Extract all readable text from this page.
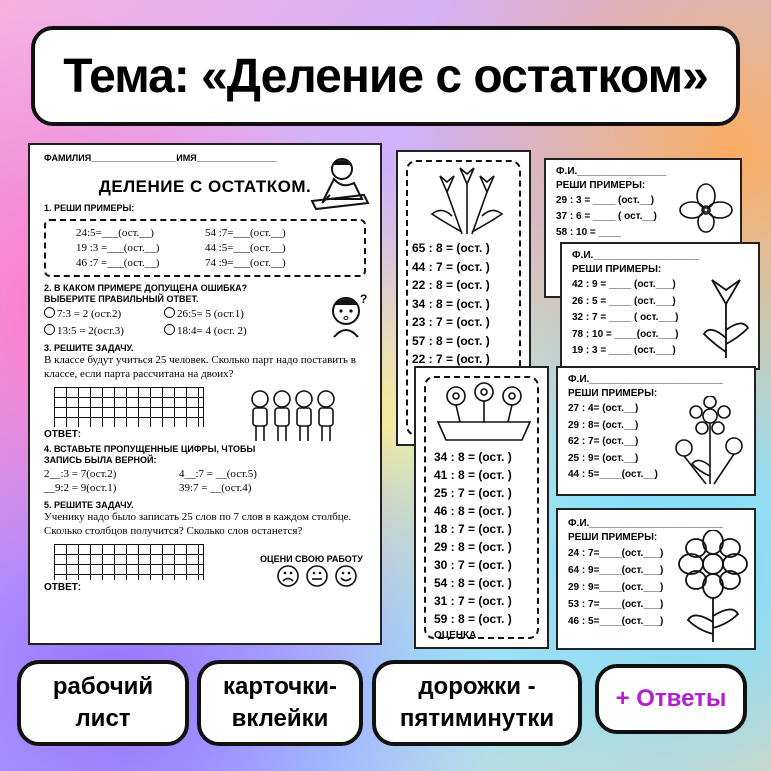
Тема: «Деление с остатком»
ФАМИЛИЯ_________________ИМЯ________________
ДЕЛЕНИЕ С ОСТАТКОМ.
1. РЕШИ ПРИМЕРЫ:
24:5=___(ост.__)	54 :7=___(ост.__)
19 :3 =___(ост.__)	44 :5=___(ост.__)
46 :7 =___(ост.__)	74 :9=___(ост.__)
2. В КАКОМ ПРИМЕРЕ ДОПУЩЕНА ОШИБКА?
ВЫБЕРИТЕ ПРАВИЛЬНЫЙ ОТВЕТ.
7:3 = 2 (ост.2)	26:5= 5 (ост.1)
13:5 = 2(ост.3)	18:4= 4 (ост. 2)
?
3. РЕШИТЕ ЗАДАЧУ.
В классе будут учиться 25 человек. Сколько парт надо поставить в классе, если парта рассчитана на двоих?
ОТВЕТ:
4. ВСТАВЬТЕ ПРОПУЩЕННЫЕ ЦИФРЫ, ЧТОБЫ
ЗАПИСЬ БЫЛА ВЕРНОЙ:
2__:3 = 7(ост.2)	4__:7 = __(ост.5)
__9:2 = 9(ост.1)	39:7 = __(ост.4)
5. РЕШИТЕ ЗАДАЧУ.
Ученику надо было записать 25 слов по 7 слов в каждом столбце. Сколько столбцов получится? Сколько слов останется?
ОЦЕНИ СВОЮ РАБОТУ
ОТВЕТ:
65 : 8 = (ост. )
44 : 7 = (ост. )
22 : 8 = (ост. )
34 : 8 = (ост. )
23 : 7 = (ост. )
57 : 8 = (ост. )
22 : 7 = (ост. )
34 : 8 = (ост. )
41 : 8 = (ост. )
25 : 7 = (ост. )
46 : 8 = (ост. )
18 : 7 = (ост. )
29 : 8 = (ост. )
30 : 7 = (ост. )
54 : 8 = (ост. )
31 : 7 = (ост. )
59 : 8 = (ост. )
ОЦЕНКА
Ф.И.________________
РЕШИ ПРИМЕРЫ:
29 : 3 = ____ (ост.__)
37 : 6 = ____ ( ост.__)
58 : 10 = ____
Ф.И.___________________
РЕШИ ПРИМЕРЫ:
42 : 9 = ____ (ост.___)
26 : 5 = ____ (ост.___)
32 : 7 = ____ ( ост.___)
78 : 10 = ____(ост.___)
19 : 3 = ____ (ост.___)
Ф.И.________________________
РЕШИ ПРИМЕРЫ:
27 : 4= (ост.__)
29 : 8= (ост.__)
62 : 7= (ост.__)
25 : 9= (ост.__)
44 : 5=____(ост.__)
Ф.И.________________________
РЕШИ ПРИМЕРЫ:
24 : 7=____(ост.___)
64 : 9=____(ост.___)
29 : 9=____(ост.___)
53 : 7=____(ост.___)
46 : 5=____(ост.___)
рабочий
лист
карточки-
вклейки
дорожки -
пятиминутки
+ Ответы
